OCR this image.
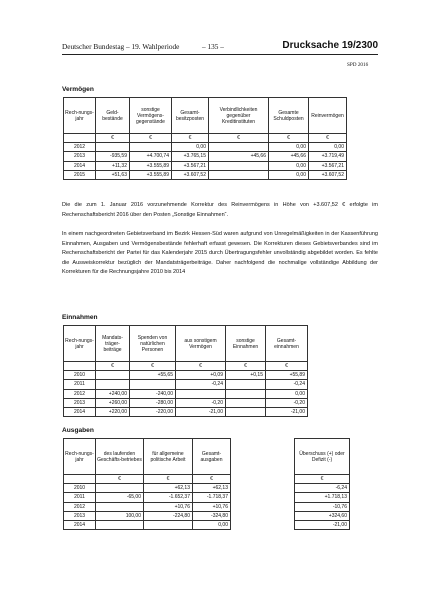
Deutscher Bundestag – 19. Wahlperiode	– 135 –	Drucksache 19/2300
SPD 2016
Vermögen
Rech-nungs-jahr	Geld-bestände	sonstige Vermögens-gegenstände	Gesamt-besitzposten	Verbindlichkeiten gegenüber Kreditinstituten	Gesamte Schuldposten	Reinvermögen
	€	€	€	€	€	€
2012			0,00		0,00	0,00
2013	-935,59	+4.700,74	+3.765,15	+45,66	+45,66	+3.719,49
2014	+11,32	+3.555,89	+3.567,21		0,00	+3.567,21
2015	+51,63	+3.555,89	+3.607,52		0,00	+3.607,52

Die die zum 1. Januar 2016 vorzunehmende Korrektur des Reinvermögens in Höhe von +3.607,52 € erfolgte im Rechenschaftsbericht 2016 über den Posten „Sonstige Einnahmen“.

In einem nachgeordneten Gebietsverband im Bezirk Hessen-Süd waren aufgrund von Unregelmäßigkeiten in der Kassenführung Einnahmen, Ausgaben und Vermögensbestände fehlerhaft erfasst gewesen. Die Korrekturen dieses Gebietsverbandes sind im Rechenschaftsbericht der Partei für das Kalenderjahr 2015 durch Übertragungsfehler unvollständig abgebildet worden. Es fehlte die Ausweiskorrektur bezüglich der Mandatsträgerbeiträge. Daher nachfolgend die nochmalige vollständige Abbildung der Korrekturen für die Rechnungsjahre 2010 bis 2014

Einnahmen
Rech-nungs-jahr	Mandats-träger-beiträge	Spenden von natürlichen Personen	aus sonstigem Vermögen	sonstige Einnahmen	Gesamt-einnahmen
	€	€	€	€	€
2010		+55,65	+0,09	+0,15	+55,89
2011			-0,24		-0,24
2012	+240,00	-240,00			0,00
2013	+260,00	-280,00	-0,20		-0,20
2014	+220,00	-220,00	-21,00		-21,00
Ausgaben
Rech-nungs-jahr	des laufenden Geschäfts-betriebes	für allgemeine politische Arbeit	Gesamt-ausgaben		Überschuss (+) oder Defizit (-)
	€	€	€		€
2010		+62,13	+62,13		-6,24
2011	-65,00	-1.652,37	-1.718,37		+1.718,13
2012		+10,76	+10,76		-10,76
2013	100,00	-224,80	-324,80		+324,60
2014			0,00		-21,00
